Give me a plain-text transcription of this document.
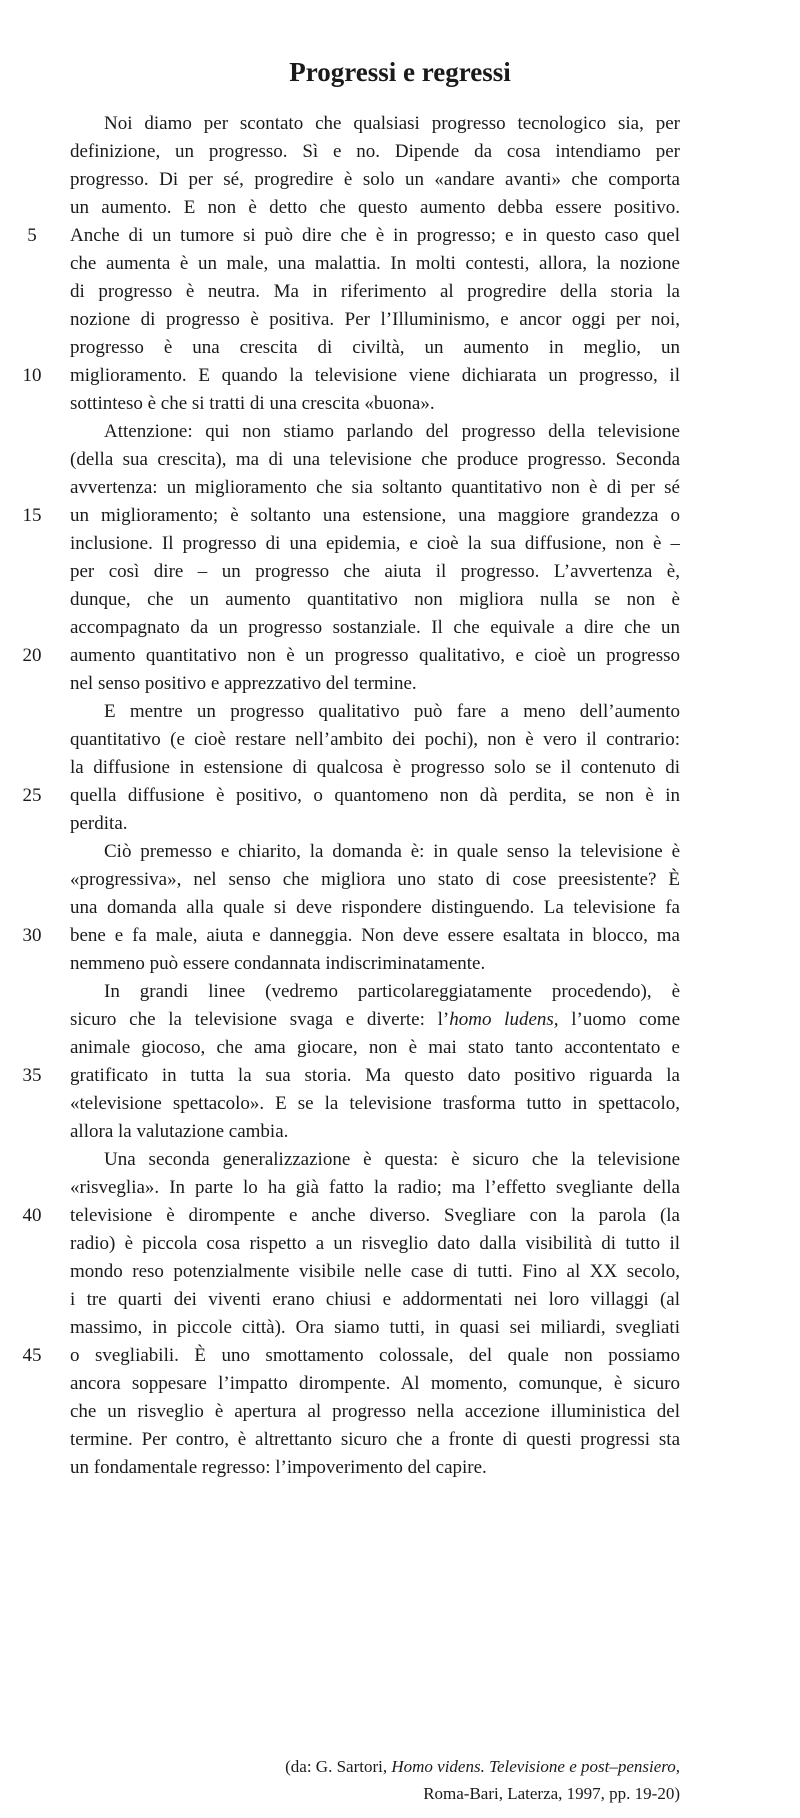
Progressi e regressi
Noi diamo per scontato che qualsiasi progresso tecnologico sia, per
definizione, un progresso. Sì e no. Dipende da cosa intendiamo per
progresso. Di per sé, progredire è solo un «andare avanti» che comporta
un aumento. E non è detto che questo aumento debba essere positivo.
Anche di un tumore si può dire che è in progresso; e in questo caso quel
che aumenta è un male, una malattia. In molti contesti, allora, la nozione
di progresso è neutra. Ma in riferimento al progredire della storia la
nozione di progresso è positiva. Per l’Illuminismo, e ancor oggi per noi,
progresso è una crescita di civiltà, un aumento in meglio, un
miglioramento. E quando la televisione viene dichiarata un progresso, il
sottinteso è che si tratti di una crescita «buona».
Attenzione: qui non stiamo parlando del progresso della televisione
(della sua crescita), ma di una televisione che produce progresso. Seconda
avvertenza: un miglioramento che sia soltanto quantitativo non è di per sé
un miglioramento; è soltanto una estensione, una maggiore grandezza o
inclusione. Il progresso di una epidemia, e cioè la sua diffusione, non è –
per così dire – un progresso che aiuta il progresso. L’avvertenza è,
dunque, che un aumento quantitativo non migliora nulla se non è
accompagnato da un progresso sostanziale. Il che equivale a dire che un
aumento quantitativo non è un progresso qualitativo, e cioè un progresso
nel senso positivo e apprezzativo del termine.
E mentre un progresso qualitativo può fare a meno dell’aumento
quantitativo (e cioè restare nell’ambito dei pochi), non è vero il contrario:
la diffusione in estensione di qualcosa è progresso solo se il contenuto di
quella diffusione è positivo, o quantomeno non dà perdita, se non è in
perdita.
Ciò premesso e chiarito, la domanda è: in quale senso la televisione è
«progressiva», nel senso che migliora uno stato di cose preesistente? È
una domanda alla quale si deve rispondere distinguendo. La televisione fa
bene e fa male, aiuta e danneggia. Non deve essere esaltata in blocco, ma
nemmeno può essere condannata indiscriminatamente.
In grandi linee (vedremo particolareggiatamente procedendo), è
sicuro che la televisione svaga e diverte: l’homo ludens, l’uomo come
animale giocoso, che ama giocare, non è mai stato tanto accontentato e
gratificato in tutta la sua storia. Ma questo dato positivo riguarda la
«televisione spettacolo». E se la televisione trasforma tutto in spettacolo,
allora la valutazione cambia.
Una seconda generalizzazione è questa: è sicuro che la televisione
«risveglia». In parte lo ha già fatto la radio; ma l’effetto svegliante della
televisione è dirompente e anche diverso. Svegliare con la parola (la
radio) è piccola cosa rispetto a un risveglio dato dalla visibilità di tutto il
mondo reso potenzialmente visibile nelle case di tutti. Fino al XX secolo,
i tre quarti dei viventi erano chiusi e addormentati nei loro villaggi (al
massimo, in piccole città). Ora siamo tutti, in quasi sei miliardi, svegliati
o svegliabili. È uno smottamento colossale, del quale non possiamo
ancora soppesare l’impatto dirompente. Al momento, comunque, è sicuro
che un risveglio è apertura al progresso nella accezione illuministica del
termine. Per contro, è altrettanto sicuro che a fronte di questi progressi sta
un fondamentale regresso: l’impoverimento del capire.
5
10
15
20
25
30
35
40
45
(da: G. Sartori, Homo videns. Televisione e post–pensiero,
Roma-Bari, Laterza, 1997, pp. 19-20)
